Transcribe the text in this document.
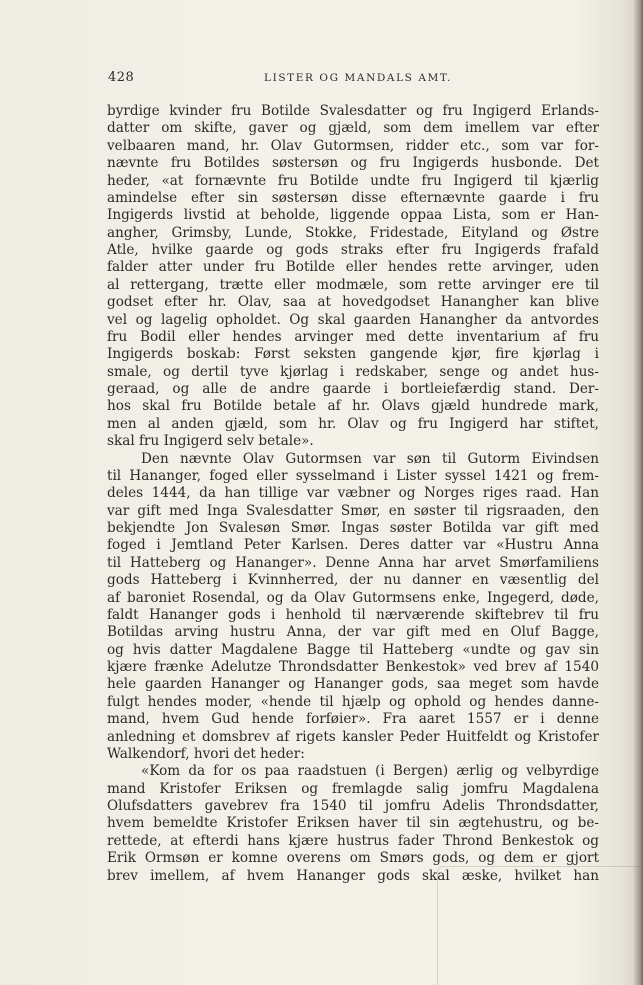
428	LISTER OG MANDALS AMT.
byrdige kvinder fru Botilde Svalesdatter og fru Ingigerd Erlands-
datter om skifte, gaver og gjæld, som dem imellem var efter
velbaaren mand, hr. Olav Gutormsen, ridder etc., som var for-
nævnte fru Botildes søstersøn og fru Ingigerds husbonde. Det
heder, «at fornævnte fru Botilde undte fru Ingigerd til kjærlig
amindelse efter sin søstersøn disse efternævnte gaarde i fru
Ingigerds livstid at beholde, liggende oppaa Lista, som er Han-
angher, Grimsby, Lunde, Stokke, Fridestade, Eityland og Østre
Atle, hvilke gaarde og gods straks efter fru Ingigerds frafald
falder atter under fru Botilde eller hendes rette arvinger, uden
al rettergang, trætte eller modmæle, som rette arvinger ere til
godset efter hr. Olav, saa at hovedgodset Hanangher kan blive
vel og lagelig opholdet. Og skal gaarden Hanangher da antvordes
fru Bodil eller hendes arvinger med dette inventarium af fru
Ingigerds boskab: Først seksten gangende kjør, fire kjørlag i
smale, og dertil tyve kjørlag i redskaber, senge og andet hus-
geraad, og alle de andre gaarde i bortleiefærdig stand. Der-
hos skal fru Botilde betale af hr. Olavs gjæld hundrede mark,
men al anden gjæld, som hr. Olav og fru Ingigerd har stiftet,
skal fru Ingigerd selv betale».
Den nævnte Olav Gutormsen var søn til Gutorm Eivindsen
til Hananger, foged eller sysselmand i Lister syssel 1421 og frem-
deles 1444, da han tillige var væbner og Norges riges raad. Han
var gift med Inga Svalesdatter Smør, en søster til rigsraaden, den
bekjendte Jon Svalesøn Smør. Ingas søster Botilda var gift med
foged i Jemtland Peter Karlsen. Deres datter var «Hustru Anna
til Hatteberg og Hananger». Denne Anna har arvet Smørfamiliens
gods Hatteberg i Kvinnherred, der nu danner en væsentlig del
af baroniet Rosendal, og da Olav Gutormsens enke, Ingegerd, døde,
faldt Hananger gods i henhold til nærværende skiftebrev til fru
Botildas arving hustru Anna, der var gift med en Oluf Bagge,
og hvis datter Magdalene Bagge til Hatteberg «undte og gav sin
kjære frænke Adelutze Throndsdatter Benkestok» ved brev af 1540
hele gaarden Hananger og Hananger gods, saa meget som havde
fulgt hendes moder, «hende til hjælp og ophold og hendes danne-
mand, hvem Gud hende forføier». Fra aaret 1557 er i denne
anledning et domsbrev af rigets kansler Peder Huitfeldt og Kristofer
Walkendorf, hvori det heder:
«Kom da for os paa raadstuen (i Bergen) ærlig og velbyrdige
mand Kristofer Eriksen og fremlagde salig jomfru Magdalena
Olufsdatters gavebrev fra 1540 til jomfru Adelis Throndsdatter,
hvem bemeldte Kristofer Eriksen haver til sin ægtehustru, og be-
rettede, at efterdi hans kjære hustrus fader Thrond Benkestok og
Erik Ormsøn er komne overens om Smørs gods, og dem er gjort
brev imellem, af hvem Hananger gods skal æske, hvilket han
